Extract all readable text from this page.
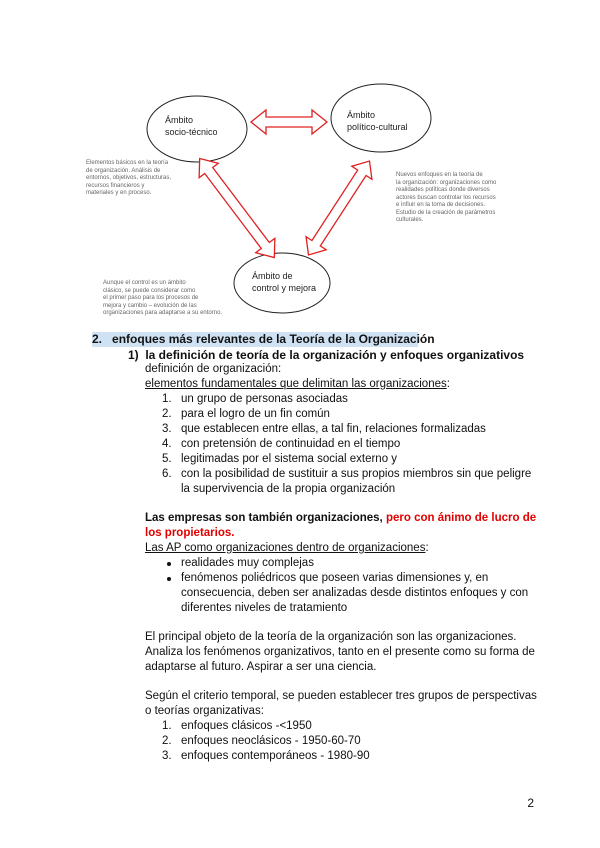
Ámbito
socio-técnico
Ámbito
político-cultural
Ámbito de
control y mejora
Elementos básicos en la teoría
de organización. Análisis de
entornos, objetivos, estructuras,
recursos financieros y
materiales y en proceso.
Nuevos enfoques en la teoría de
la organización: organizaciones como
realidades políticas donde diversos
actores buscan controlar los recursos
e influir en la toma de decisiones.
Estudio de la creación de parámetros
culturales.
Aunque el control es un ámbito
clásico, se puede considerar como
el primer paso para los procesos de
mejora y cambio – evolución de las
organizaciones para adaptarse a su entorno.
2. enfoques más relevantes de la Teoría de la Organización
1) la definición de teoría de la organización y enfoques organizativos
definición de organización:
elementos fundamentales que delimitan las organizaciones:
1. un grupo de personas asociadas
2. para el logro de un fin común
3. que establecen entre ellas, a tal fin, relaciones formalizadas
4. con pretensión de continuidad en el tiempo
5. legitimadas por el sistema social externo y
6. con la posibilidad de sustituir a sus propios miembros sin que peligre
la supervivencia de la propia organización
Las empresas son también organizaciones, pero con ánimo de lucro de
los propietarios.
Las AP como organizaciones dentro de organizaciones:
realidades muy complejas
fenómenos poliédricos que poseen varias dimensiones y, en
consecuencia, deben ser analizadas desde distintos enfoques y con
diferentes niveles de tratamiento
El principal objeto de la teoría de la organización son las organizaciones.
Analiza los fenómenos organizativos, tanto en el presente como su forma de
adaptarse al futuro. Aspirar a ser una ciencia.
Según el criterio temporal, se pueden establecer tres grupos de perspectivas
o teorías organizativas:
1. enfoques clásicos -<1950
2. enfoques neoclásicos - 1950-60-70
3. enfoques contemporáneos - 1980-90
2
